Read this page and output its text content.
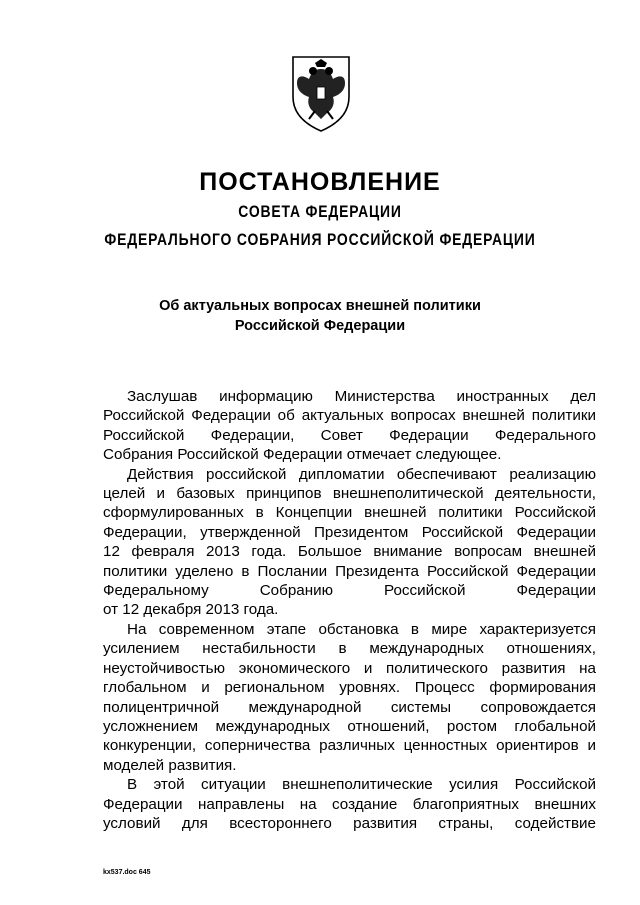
ПОСТАНОВЛЕНИЕ
СОВЕТА ФЕДЕРАЦИИ
ФЕДЕРАЛЬНОГО СОБРАНИЯ РОССИЙСКОЙ ФЕДЕРАЦИИ
Об актуальных вопросах внешней политики
Российской Федерации
Заслушав информацию Министерства иностранных дел
Российской Федерации об актуальных вопросах внешней политики
Российской Федерации, Совет Федерации Федерального
Собрания Российской Федерации отмечает следующее.
Действия российской дипломатии обеспечивают реализацию
целей и базовых принципов внешнеполитической деятельности,
сформулированных в Концепции внешней политики Российской
Федерации, утвержденной Президентом Российской Федерации
12 февраля 2013 года. Большое внимание вопросам внешней
политики уделено в Послании Президента Российской Федерации
Федеральному Собранию Российской Федерации
от 12 декабря 2013 года.
На современном этапе обстановка в мире характеризуется
усилением нестабильности в международных отношениях,
неустойчивостью экономического и политического развития на
глобальном и региональном уровнях. Процесс формирования
полицентричной международной системы сопровождается
усложнением международных отношений, ростом глобальной
конкуренции, соперничества различных ценностных ориентиров и
моделей развития.
В этой ситуации внешнеполитические усилия Российской
Федерации направлены на создание благоприятных внешних
условий для всестороннего развития страны, содействие
kx537.doc 645
